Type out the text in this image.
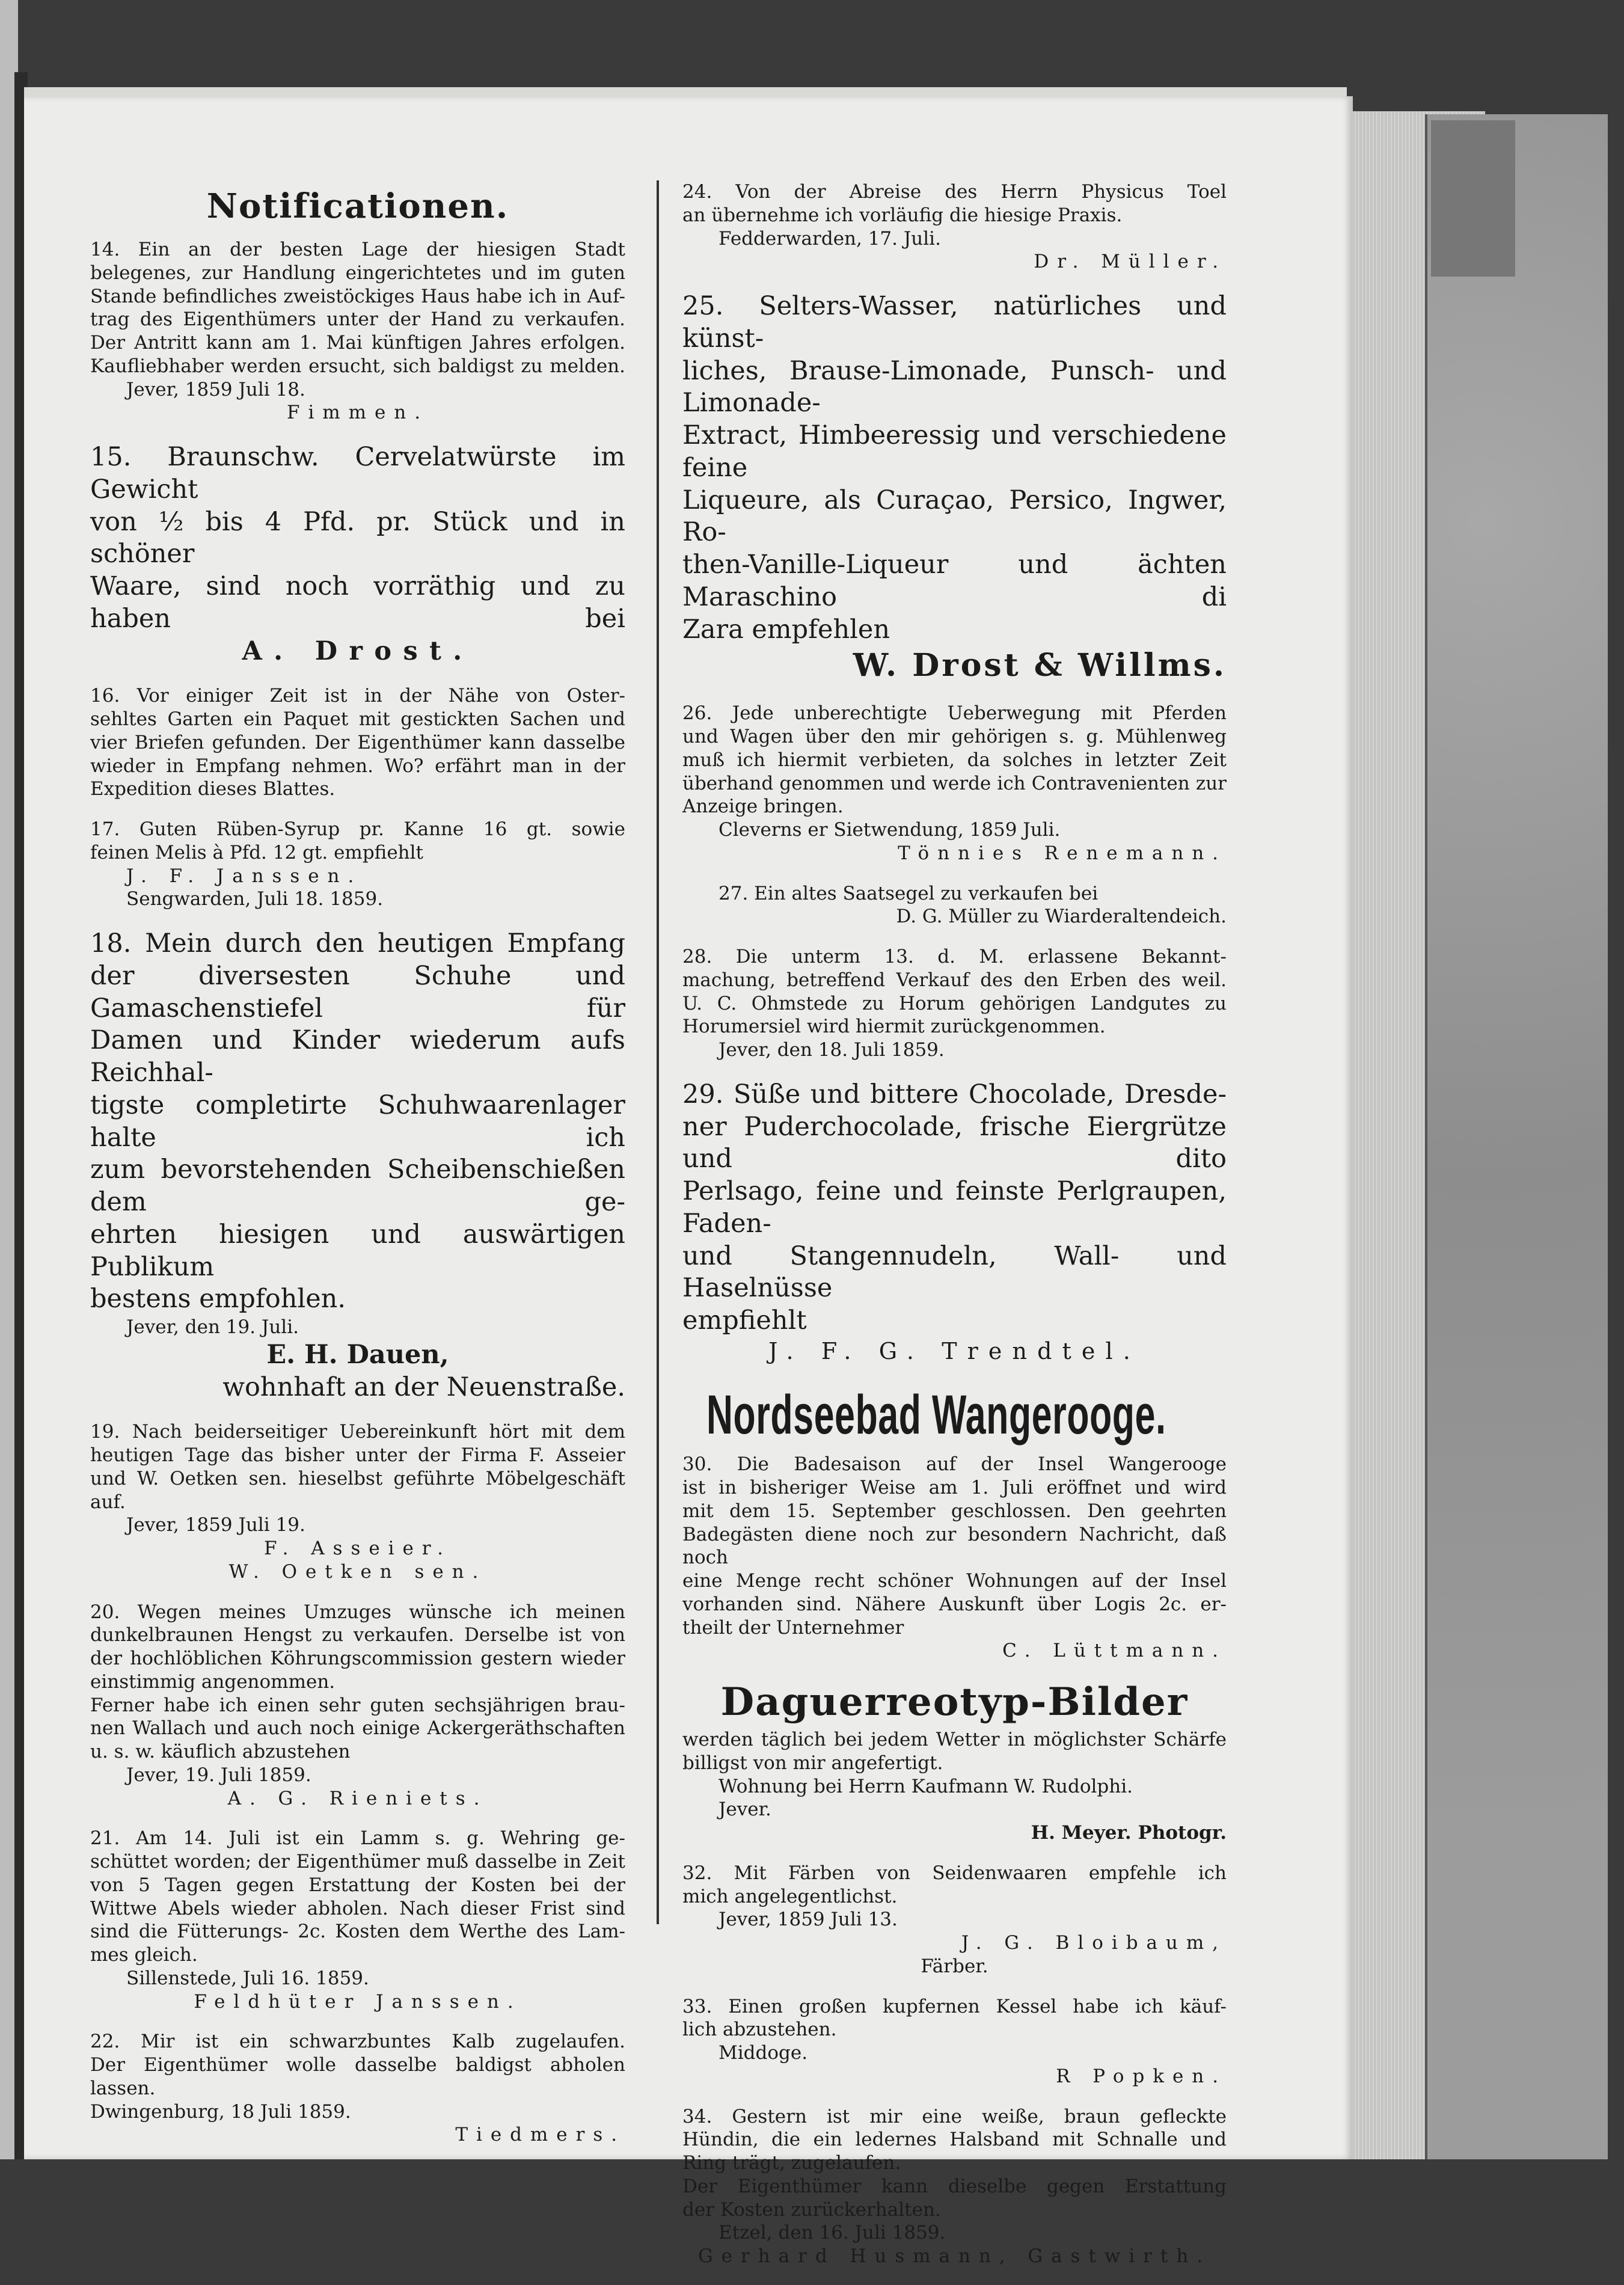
Notificationen.
14. Ein an der besten Lage der hiesigen Stadt
belegenes, zur Handlung eingerichtetes und im guten
Stande befindliches zweistöckiges Haus habe ich in Auf-
trag des Eigenthümers unter der Hand zu verkaufen.
Der Antritt kann am 1. Mai künftigen Jahres erfolgen.
Kaufliebhaber werden ersucht, sich baldigst zu melden.
Jever, 1859 Juli 18.
Fimmen.
15. Braunschw. Cervelatwürste im Gewicht
von ½ bis 4 Pfd. pr. Stück und in schöner
Waare, sind noch vorräthig und zu haben bei
A. Drost.
16. Vor einiger Zeit ist in der Nähe von Oster-
sehltes Garten ein Paquet mit gestickten Sachen und
vier Briefen gefunden. Der Eigenthümer kann dasselbe
wieder in Empfang nehmen. Wo? erfährt man in der
Expedition dieses Blattes.
17. Guten Rüben-Syrup pr. Kanne 16 gt. sowie
feinen Melis à Pfd. 12 gt. empfiehlt
J. F. Janssen.
Sengwarden, Juli 18. 1859.
18. Mein durch den heutigen Empfang
der diversesten Schuhe und Gamaschenstiefel für
Damen und Kinder wiederum aufs Reichhal-
tigste completirte Schuhwaarenlager halte ich
zum bevorstehenden Scheibenschießen dem ge-
ehrten hiesigen und auswärtigen Publikum
bestens empfohlen.
Jever, den 19. Juli.
E. H. Dauen,
wohnhaft an der Neuenstraße.
19. Nach beiderseitiger Uebereinkunft hört mit dem
heutigen Tage das bisher unter der Firma F. Asseier
und W. Oetken sen. hieselbst geführte Möbelgeschäft auf.
Jever, 1859 Juli 19.
F. Asseier.
W. Oetken sen.
20. Wegen meines Umzuges wünsche ich meinen
dunkelbraunen Hengst zu verkaufen. Derselbe ist von
der hochlöblichen Köhrungscommission gestern wieder
einstimmig angenommen.
Ferner habe ich einen sehr guten sechsjährigen brau-
nen Wallach und auch noch einige Ackergeräthschaften
u. s. w. käuflich abzustehen
Jever, 19. Juli 1859.
A. G. Rieniets.
21. Am 14. Juli ist ein Lamm s. g. Wehring ge-
schüttet worden; der Eigenthümer muß dasselbe in Zeit
von 5 Tagen gegen Erstattung der Kosten bei der
Wittwe Abels wieder abholen. Nach dieser Frist sind
sind die Fütterungs- 2c. Kosten dem Werthe des Lam-
mes gleich.
Sillenstede, Juli 16. 1859.
Feldhüter Janssen.
22. Mir ist ein schwarzbuntes Kalb zugelaufen.
Der Eigenthümer wolle dasselbe baldigst abholen lassen.
Dwingenburg, 18 Juli 1859.
Tiedmers.
24. Von der Abreise des Herrn Physicus Toel
an übernehme ich vorläufig die hiesige Praxis.
Fedderwarden, 17. Juli.
Dr. Müller.
25. Selters-Wasser, natürliches und künst-
liches, Brause-Limonade, Punsch- und Limonade-
Extract, Himbeeressig und verschiedene feine
Liqueure, als Curaçao, Persico, Ingwer, Ro-
then-Vanille-Liqueur und ächten Maraschino di
Zara empfehlen
W. Drost & Willms.
26. Jede unberechtigte Ueberwegung mit Pferden
und Wagen über den mir gehörigen s. g. Mühlenweg
muß ich hiermit verbieten, da solches in letzter Zeit
überhand genommen und werde ich Contravenienten zur
Anzeige bringen.
Cleverns er Sietwendung, 1859 Juli.
Tönnies Renemann.
27. Ein altes Saatsegel zu verkaufen bei
D. G. Müller zu Wiarderaltendeich.
28. Die unterm 13. d. M. erlassene Bekannt-
machung, betreffend Verkauf des den Erben des weil.
U. C. Ohmstede zu Horum gehörigen Landgutes zu
Horumersiel wird hiermit zurückgenommen.
Jever, den 18. Juli 1859.
29. Süße und bittere Chocolade, Dresde-
ner Puderchocolade, frische Eiergrütze und dito
Perlsago, feine und feinste Perlgraupen, Faden-
und Stangennudeln, Wall- und Haselnüsse
empfiehlt
J. F. G. Trendtel.
Nordseebad Wangerooge.
30. Die Badesaison auf der Insel Wangerooge
ist in bisheriger Weise am 1. Juli eröffnet und wird
mit dem 15. September geschlossen. Den geehrten
Badegästen diene noch zur besondern Nachricht, daß noch
eine Menge recht schöner Wohnungen auf der Insel
vorhanden sind. Nähere Auskunft über Logis 2c. er-
theilt der Unternehmer
C. Lüttmann.
Daguerreotyp-Bilder
werden täglich bei jedem Wetter in möglichster Schärfe
billigst von mir angefertigt.
Wohnung bei Herrn Kaufmann W. Rudolphi.
Jever.
H. Meyer. Photogr.
32. Mit Färben von Seidenwaaren empfehle ich
mich angelegentlichst.
Jever, 1859 Juli 13.
J. G. Bloibaum,
Färber.
33. Einen großen kupfernen Kessel habe ich käuf-
lich abzustehen.
Middoge.
R Popken.
34. Gestern ist mir eine weiße, braun gefleckte
Hündin, die ein ledernes Halsband mit Schnalle und
Ring trägt, zugelaufen.
Der Eigenthümer kann dieselbe gegen Erstattung
der Kosten zurückerhalten.
Etzel, den 16. Juli 1859.
Gerhard Husmann, Gastwirth.
